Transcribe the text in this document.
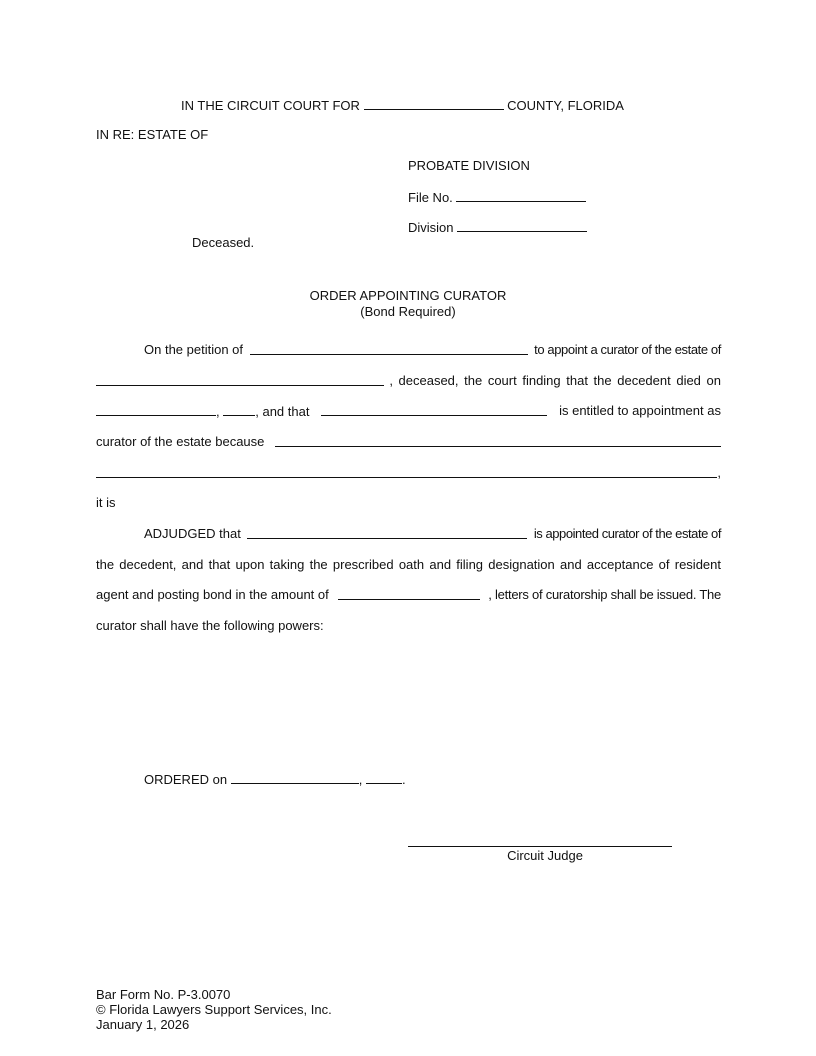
IN THE CIRCUIT COURT FOR	COUNTY, FLORIDA
IN RE: ESTATE OF
PROBATE DIVISION
File No.
Division
Deceased.
ORDER APPOINTING CURATOR
(Bond Required)
On the petition of	to appoint a curator of the estate of
, deceased, the court finding that the decedent died on
,	, and that	is entitled to appointment as
curator of the estate because
,
it is
ADJUDGED that	is appointed curator of the estate of
the decedent, and that upon taking the prescribed oath and filing designation and acceptance of resident
agent and posting bond in the amount of	, letters of curatorship shall be issued. The
curator shall have the following powers:
ORDERED on	,	.
Circuit Judge
Bar Form No. P-3.0070
© Florida Lawyers Support Services, Inc.
January 1, 2026
